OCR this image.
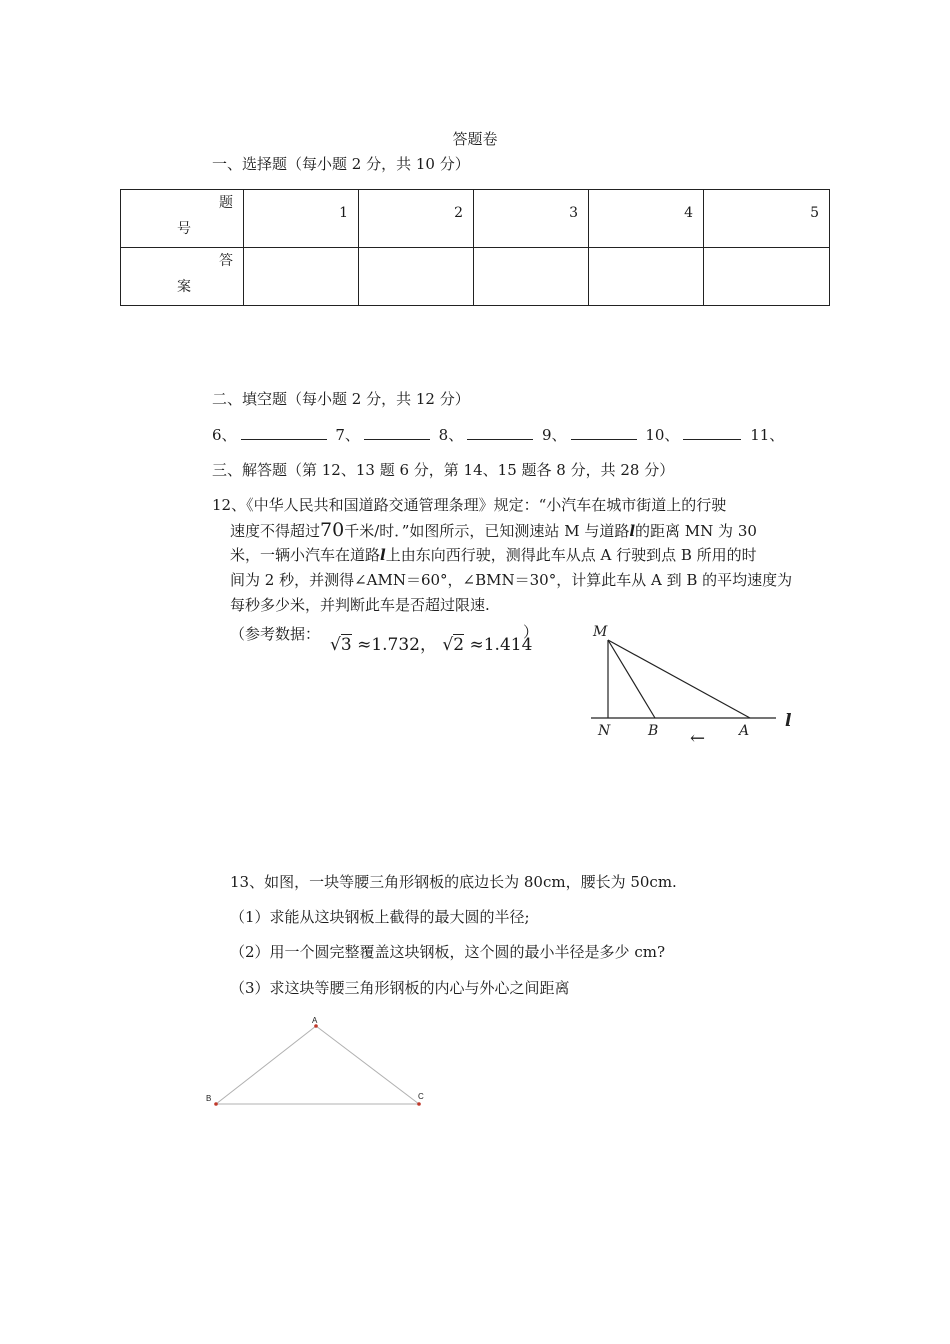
答题卷
一、选择题（每小题 2 分，共 10 分）
题
号	1	2	3	4	5

答
案					

二、填空题（每小题 2 分，共 12 分）
6、	7、	8、	9、	10、	11、
三、解答题（第 12、13 题 6 分，第 14、15 题各 8 分，共 28 分）
12、《中华人民共和国道路交通管理条理》规定：“小汽车在城市街道上的行驶
速度不得超过70千米/时．”如图所示，已知测速站 M 与道路l的距离 MN 为 30
米，一辆小汽车在道路l上由东向西行驶，测得此车从点 A 行驶到点 B 所用的时
间为 2 秒，并测得∠AMN＝60°，∠BMN＝30°，计算此车从 A 到 B 的平均速度为
每秒多少米，并判断此车是否超过限速.
（参考数据：
√3 ≈1.732， √2 ≈1.414
）	M
N	B	A l
←
13、如图，一块等腰三角形钢板的底边长为 80cm，腰长为 50cm.
（1）求能从这块钢板上截得的最大圆的半径;
（2）用一个圆完整覆盖这块钢板，这个圆的最小半径是多少 cm?
（3）求这块等腰三角形钢板的内心与外心之间距离
A
B	C
